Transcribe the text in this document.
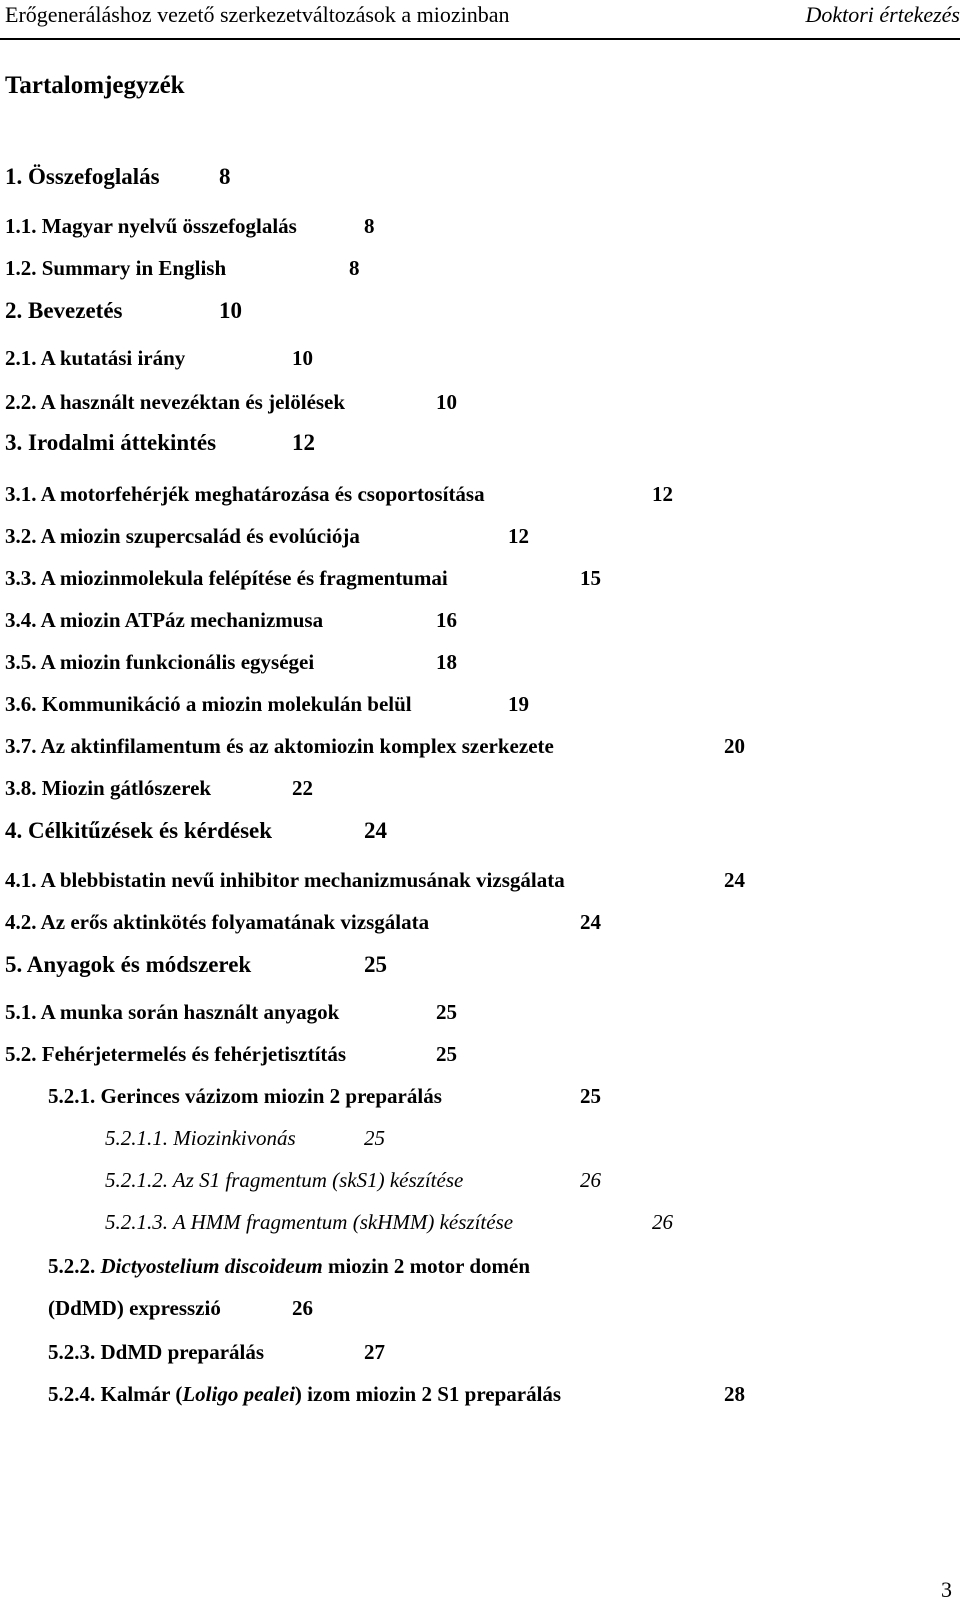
Erőgeneráláshoz vezető szerkezetváltozások a miozinban	Doktori értekezés
Tartalomjegyzék
1. Összefoglalás	8
1.1. Magyar nyelvű összefoglalás	8
1.2. Summary in English	8
2. Bevezetés	10
2.1. A kutatási irány	10
2.2. A használt nevezéktan és jelölések	10
3. Irodalmi áttekintés	12
3.1. A motorfehérjék meghatározása és csoportosítása	12
3.2. A miozin szupercsalád és evolúciója	12
3.3. A miozinmolekula felépítése és fragmentumai	15
3.4. A miozin ATPáz mechanizmusa	16
3.5. A miozin funkcionális egységei	18
3.6. Kommunikáció a miozin molekulán belül	19
3.7. Az aktinfilamentum és az aktomiozin komplex szerkezete	20
3.8. Miozin gátlószerek	22
4. Célkitűzések és kérdések	24
4.1. A blebbistatin nevű inhibitor mechanizmusának vizsgálata	24
4.2. Az erős aktinkötés folyamatának vizsgálata	24
5. Anyagok és módszerek	25
5.1. A munka során használt anyagok	25
5.2. Fehérjetermelés és fehérjetisztítás	25
5.2.1. Gerinces vázizom miozin 2 preparálás	25
5.2.1.1. Miozinkivonás	25
5.2.1.2. Az S1 fragmentum (skS1) készítése	26
5.2.1.3. A HMM fragmentum (skHMM) készítése	26
5.2.2. Dictyostelium discoideum miozin 2 motor domén
(DdMD) expresszió	26
5.2.3. DdMD preparálás	27
5.2.4. Kalmár (Loligo pealei) izom miozin 2 S1 preparálás	28
3
